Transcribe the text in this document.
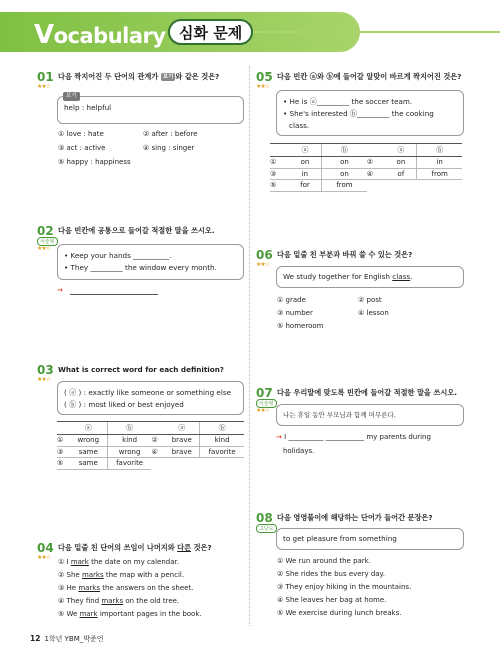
Vocabulary 심화 문제
01
★★☆
다음 짝지어진 두 단어의 관계가 보기 와 같은 것은?
보기
help : helpful
① love : hate	② after : before
③ act : active	④ sing : singer
⑤ happy : happiness
02
서술형
★★☆
다음 빈칸에 공통으로 들어갈 적절한 말을 쓰시오.
• Keep your hands __________.
• They _________ the window every month.
→
03
★★☆
What is correct word for each definition?
( ⓐ ) : exactly like someone or something else
( ⓑ ) : most liked or best enjoyed
	ⓐ	ⓑ		ⓐ	ⓑ
①	wrong	kind	②	brave	kind
③	same	wrong	④	brave	favorite
⑤	same	favorite			
04
★★☆
다음 밑줄 친 단어의 쓰임이 나머지와 다른 것은?
① I mark the date on my calendar.
② She marks the map with a pencil.
③ He marks the answers on the sheet.
④ They find marks on the old tree.
⑤ We mark important pages in the book.
05
★★☆
다음 빈칸 ⓐ와 ⓑ에 들어갈 알맞이 바르게 짝지어진 것은?
• He is ⓐ_________ the soccer team.
• She's interested ⓑ_________ the cooking
class.
	ⓐ	ⓑ		ⓐ	ⓑ
①	on	on	②	on	in
③	in	on	④	of	from
⑤	for	from			
06
★★☆
다음 밑줄 친 부분과 바꿔 쓸 수 있는 것은?
We study together for English class.
① grade	② post
③ number	④ lesson
⑤ homeroom
07
서술형
★★☆
다음 우리말에 맞도록 빈칸에 들어갈 적절한 말을 쓰시오.
나는 휴일 동안 부모님과 함께 머무른다.
→ I __________ ___________ my parents during
holidays.
08
고난도
다음 영영풀이에 해당하는 단어가 들어간 문장은?
to get pleasure from something
① We run around the park.
② She rides the bus every day.
③ They enjoy hiking in the mountains.
④ She leaves her bag at home.
⑤ We exercise during lunch breaks.
12 1학년 YBM_박준언
